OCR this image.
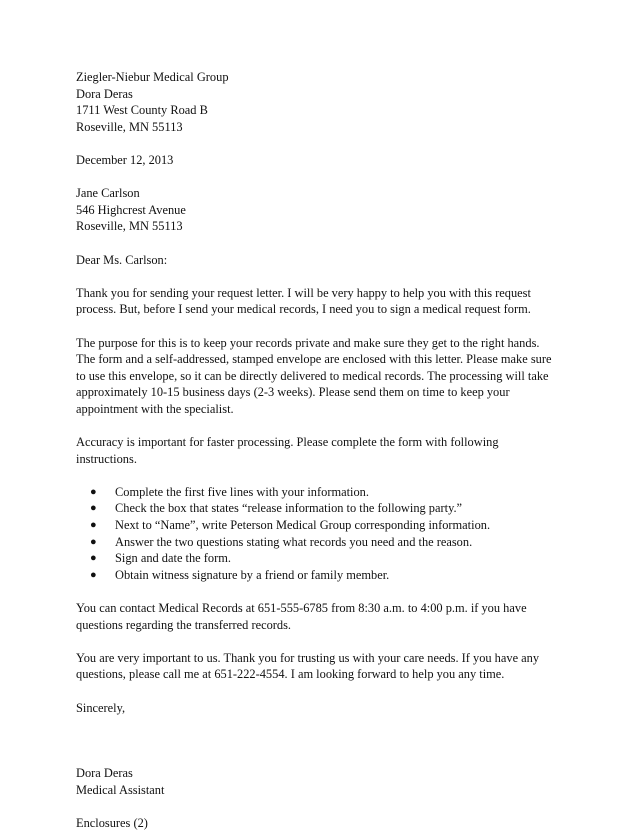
Ziegler-Niebur Medical Group
Dora Deras
1711 West County Road B
Roseville, MN 55113
December 12, 2013
Jane Carlson
546 Highcrest Avenue
Roseville, MN 55113
Dear Ms. Carlson:
Thank you for sending your request letter. I will be very happy to help you with this request
process. But, before I send your medical records, I need you to sign a medical request form.
The purpose for this is to keep your records private and make sure they get to the right hands.
The form and a self-addressed, stamped envelope are enclosed with this letter. Please make sure
to use this envelope, so it can be directly delivered to medical records. The processing will take
approximately 10-15 business days (2-3 weeks). Please send them on time to keep your
appointment with the specialist.
Accuracy is important for faster processing. Please complete the form with following
instructions.
● Complete the first five lines with your information.
● Check the box that states “release information to the following party.”
● Next to “Name”, write Peterson Medical Group corresponding information.
● Answer the two questions stating what records you need and the reason.
● Sign and date the form.
● Obtain witness signature by a friend or family member.
You can contact Medical Records at 651-555-6785 from 8:30 a.m. to 4:00 p.m. if you have
questions regarding the transferred records.
You are very important to us. Thank you for trusting us with your care needs. If you have any
questions, please call me at 651-222-4554. I am looking forward to help you any time.
Sincerely,
Dora Deras
Medical Assistant
Enclosures (2)
